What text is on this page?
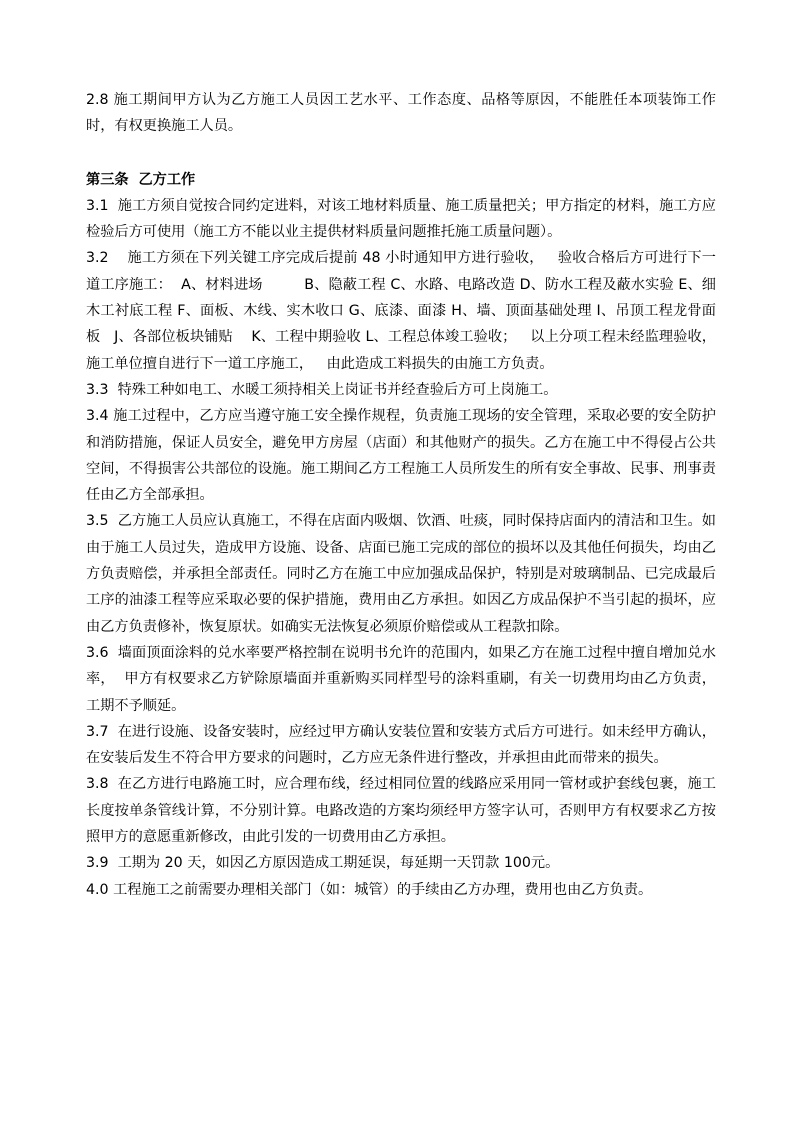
2.8 施工期间甲方认为乙方施工人员因工艺水平、工作态度、品格等原因，不能胜任本项装饰工作时，有权更换施工人员。

第三条  乙方工作

3.1  施工方须自觉按合同约定进料，对该工地材料质量、施工质量把关；甲方指定的材料，施工方应检验后方可使用（施工方不能以业主提供材料质量问题推托施工质量问题）。

3.2    施工方须在下列关键工序完成后提前 48 小时通知甲方进行验收，   验收合格后方可进行下一道工序施工：  A、材料进场         B、隐蔽工程 C、水路、电路改造 D、防水工程及蔽水实验 E、细木工衬底工程 F、面板、木线、实木收口 G、底漆、面漆 H、墙、顶面基础处理 I、吊顶工程龙骨面板   J、各部位板块铺贴    K、工程中期验收 L、工程总体竣工验收；   以上分项工程未经监理验收，  施工单位擅自进行下一道工序施工，   由此造成工料损失的由施工方负责。

3.3  特殊工种如电工、水暖工须持相关上岗证书并经查验后方可上岗施工。

3.4 施工过程中，乙方应当遵守施工安全操作规程，负责施工现场的安全管理，采取必要的安全防护和消防措施，保证人员安全，避免甲方房屋（店面）和其他财产的损失。乙方在施工中不得侵占公共空间，不得损害公共部位的设施。施工期间乙方工程施工人员所发生的所有安全事故、民事、刑事责任由乙方全部承担。

3.5  乙方施工人员应认真施工，不得在店面内吸烟、饮酒、吐痰，同时保持店面内的清洁和卫生。如由于施工人员过失，造成甲方设施、设备、店面已施工完成的部位的损坏以及其他任何损失，均由乙方负责赔偿，并承担全部责任。同时乙方在施工中应加强成品保护，特别是对玻璃制品、已完成最后工序的油漆工程等应采取必要的保护措施，费用由乙方承担。如因乙方成品保护不当引起的损坏，应由乙方负责修补，恢复原状。如确实无法恢复必须原价赔偿或从工程款扣除。

3.6  墙面顶面涂料的兑水率要严格控制在说明书允许的范围内，如果乙方在施工过程中擅自增加兑水率，  甲方有权要求乙方铲除原墙面并重新购买同样型号的涂料重刷，有关一切费用均由乙方负责，工期不予顺延。

3.7  在进行设施、设备安装时，应经过甲方确认安装位置和安装方式后方可进行。如未经甲方确认，在安装后发生不符合甲方要求的问题时，乙方应无条件进行整改，并承担由此而带来的损失。

3.8  在乙方进行电路施工时，应合理布线，经过相同位置的线路应采用同一管材或护套线包裹，施工长度按单条管线计算，不分别计算。电路改造的方案均须经甲方签字认可，否则甲方有权要求乙方按照甲方的意愿重新修改，由此引发的一切费用由乙方承担。

3.9  工期为 20 天，如因乙方原因造成工期延误，每延期一天罚款 100元。

4.0 工程施工之前需要办理相关部门（如：城管）的手续由乙方办理，费用也由乙方负责。
